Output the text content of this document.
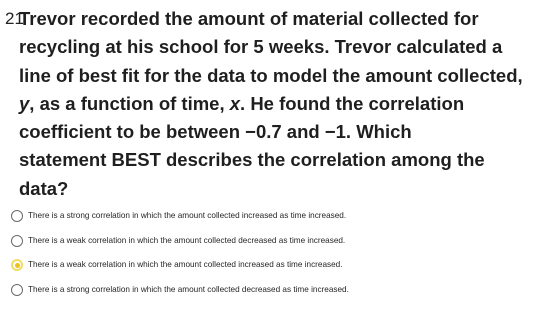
21

Trevor recorded the amount of material collected for
recycling at his school for 5 weeks. Trevor calculated a
line of best fit for the data to model the amount collected,
y, as a function of time, x. He found the correlation
coefficient to be between −0.7 and −1. Which
statement BEST describes the correlation among the
data?

There is a strong correlation in which the amount collected increased as time increased.
There is a weak correlation in which the amount collected decreased as time increased.
There is a weak correlation in which the amount collected increased as time increased.
There is a strong correlation in which the amount collected decreased as time increased.
